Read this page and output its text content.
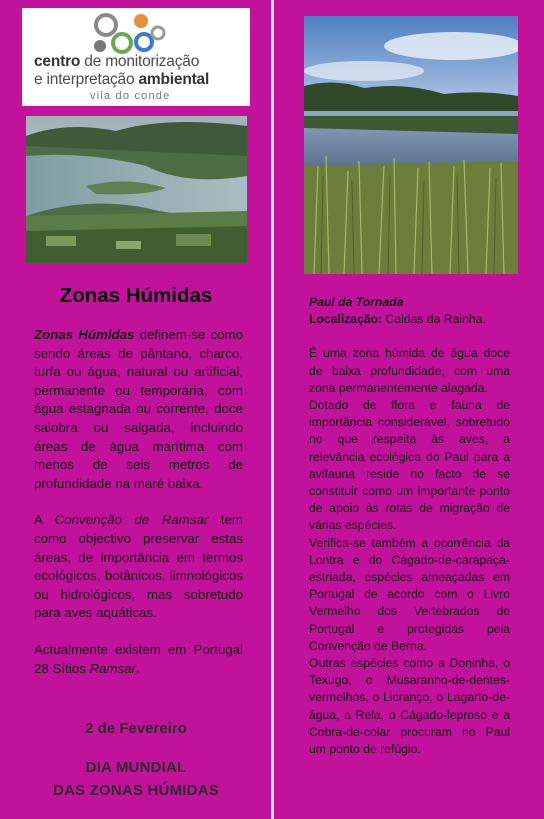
centro de monitorização
e interpretação ambiental
vila do conde
Zonas Húmidas

Zonas Húmidas definem-se como sendo áreas de pântano, charco, turfa ou água, natural ou artificial, permanente ou temporária, com água estagnada ou corrente, doce salobra ou salgada, incluindo áreas de água marítima com menos de seis metros de profundidade na maré baixa.

A Convenção de Ramsar tem como objectivo preservar estas áreas, de importância em termos ecológicos, botânicos, limnológicos ou hidrológicos, mas sobretudo para aves aquáticas.

Actualmente existem em Portugal 28 Sítios Ramsar.

2 de Fevereiro
DIA MUNDIAL
DAS ZONAS HÚMIDAS

Paul da Tornada

Localização: Caldas da Rainha.

É uma zona húmida de água doce de baixa profundidade, com uma zona permanentemente alagada.

Dotado de flora e fauna de importância considerável, sobretudo no que respeita às aves, a relevância ecológica do Paul para a avifauna reside no facto de se constituir como um importante ponto de apoio às rotas de migração de várias espécies.

Verifica-se também a ocorrência da Lontra e do Cágado-de-carapaça-estriada, espécies ameaçadas em Portugal de acordo com o Livro Vermelho dos Vertebrados de Portugal e protegidas pela Convenção de Berna.

Outras espécies como a Doninha, o Texugo, o Musaranho-de-dentes-vermelhos, o Licranço, o Lagarto-de-água, a Rela, o Cágado-leproso e a Cobra-de-colar procuram no Paul um ponto de refúgio.
